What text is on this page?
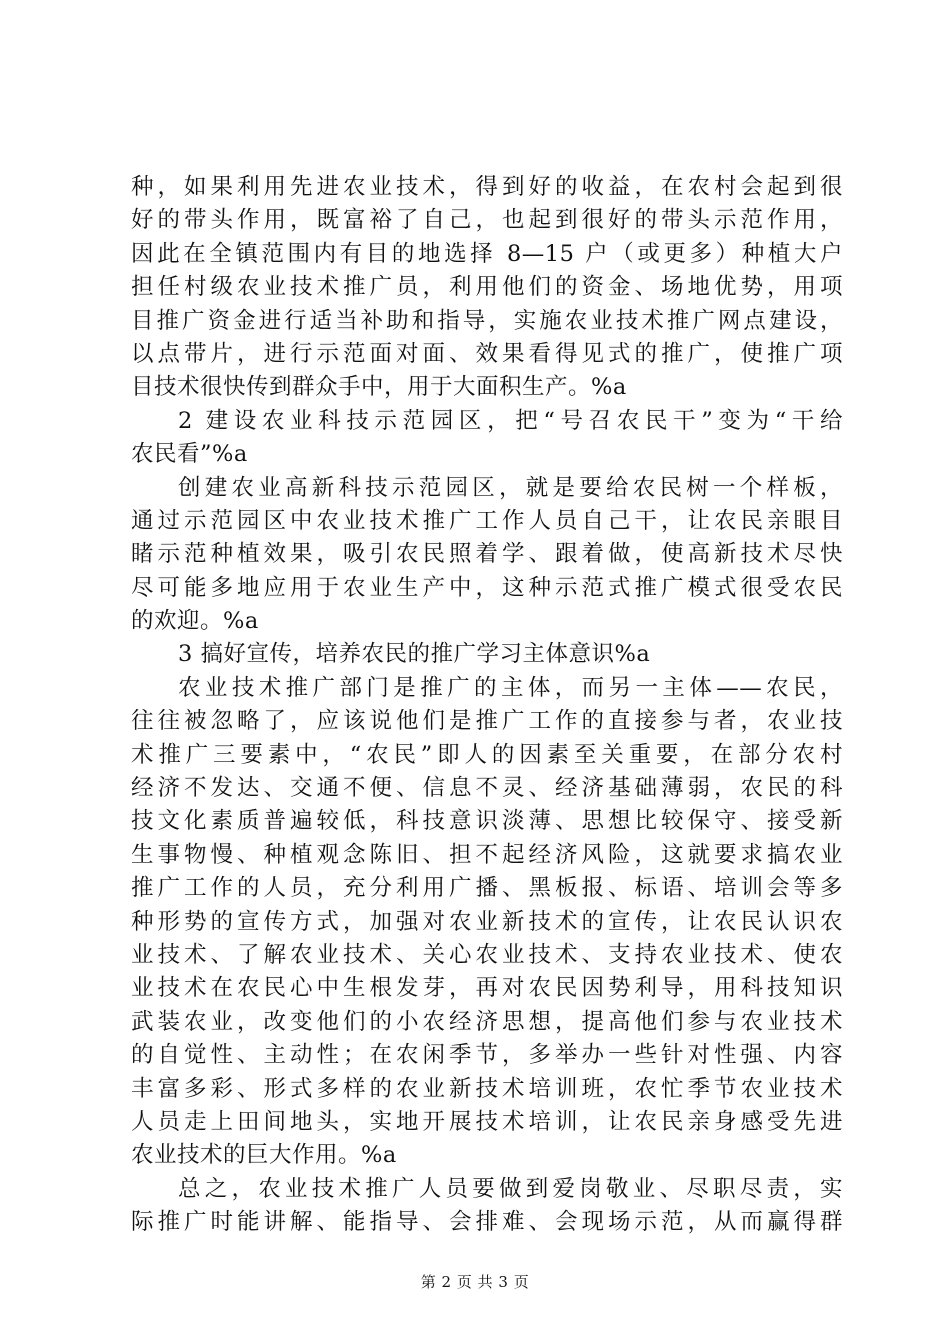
种，如果利用先进农业技术，得到好的收益，在农村会起到很
好的带头作用，既富裕了自己，也起到很好的带头示范作用，
因此在全镇范围内有目的地选择 8—15 户（或更多）种植大户
担任村级农业技术推广员，利用他们的资金、场地优势，用项
目推广资金进行适当补助和指导，实施农业技术推广网点建设，
以点带片，进行示范面对面、效果看得见式的推广，使推广项
目技术很快传到群众手中，用于大面积生产。%a
2 建设农业科技示范园区，把“号召农民干”变为“干给
农民看”%a
创建农业高新科技示范园区，就是要给农民树一个样板，
通过示范园区中农业技术推广工作人员自己干，让农民亲眼目
睹示范种植效果，吸引农民照着学、跟着做，使高新技术尽快
尽可能多地应用于农业生产中，这种示范式推广模式很受农民
的欢迎。%a
3 搞好宣传，培养农民的推广学习主体意识%a
农业技术推广部门是推广的主体，而另一主体——农民，
往往被忽略了，应该说他们是推广工作的直接参与者，农业技
术推广三要素中，“农民”即人的因素至关重要，在部分农村
经济不发达、交通不便、信息不灵、经济基础薄弱，农民的科
技文化素质普遍较低，科技意识淡薄、思想比较保守、接受新
生事物慢、种植观念陈旧、担不起经济风险，这就要求搞农业
推广工作的人员，充分利用广播、黑板报、标语、培训会等多
种形势的宣传方式，加强对农业新技术的宣传，让农民认识农
业技术、了解农业技术、关心农业技术、支持农业技术、使农
业技术在农民心中生根发芽，再对农民因势利导，用科技知识
武装农业，改变他们的小农经济思想，提高他们参与农业技术
的自觉性、主动性；在农闲季节，多举办一些针对性强、内容
丰富多彩、形式多样的农业新技术培训班，农忙季节农业技术
人员走上田间地头，实地开展技术培训，让农民亲身感受先进
农业技术的巨大作用。%a
总之，农业技术推广人员要做到爱岗敬业、尽职尽责，实
际推广时能讲解、能指导、会排难、会现场示范，从而赢得群
第 2 页 共 3 页
